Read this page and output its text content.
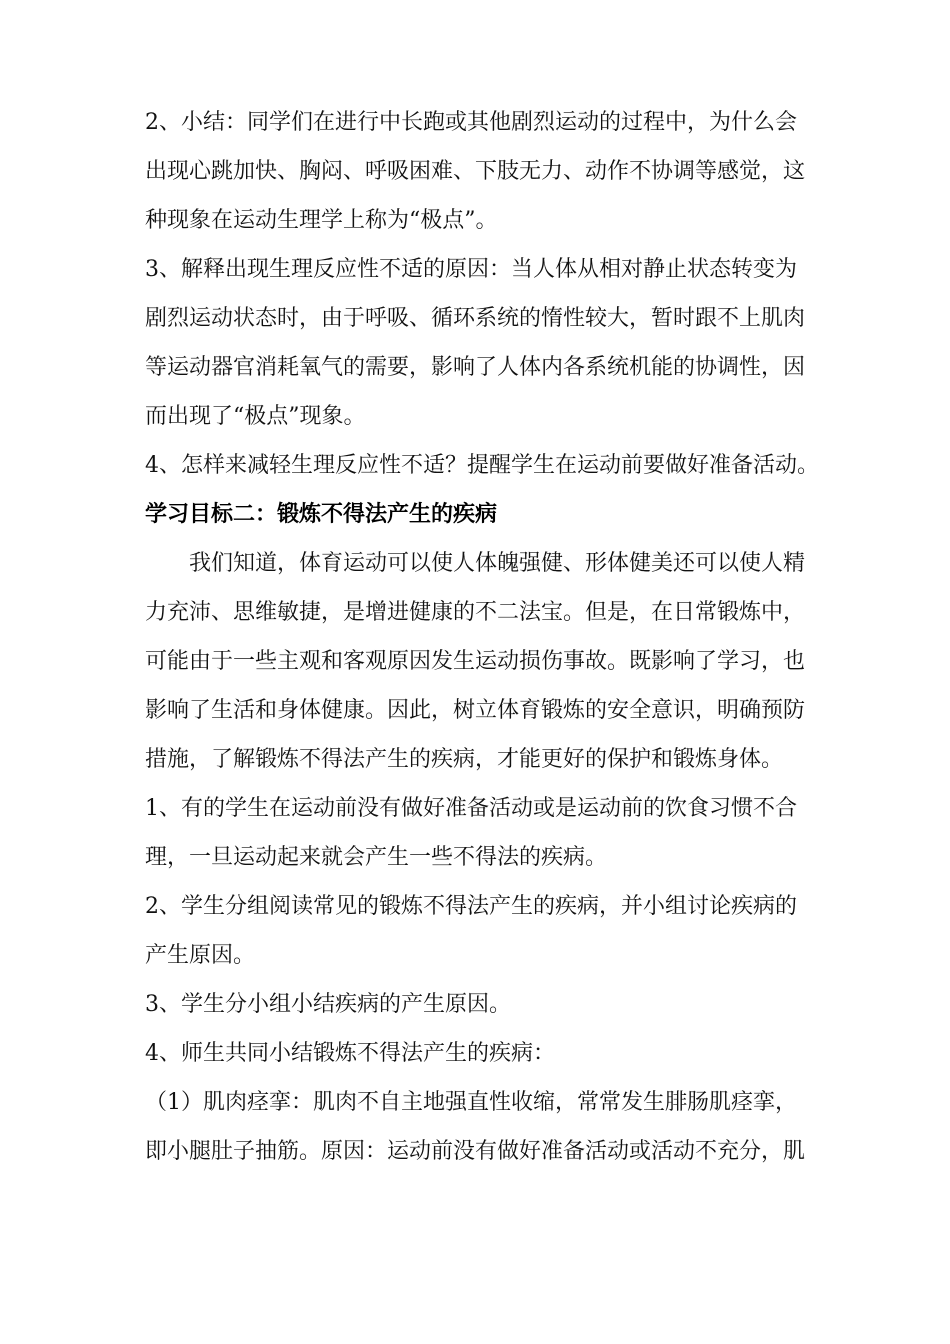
2、小结：同学们在进行中长跑或其他剧烈运动的过程中，为什么会
出现心跳加快、胸闷、呼吸困难、下肢无力、动作不协调等感觉，这
种现象在运动生理学上称为“极点”。
3、解释出现生理反应性不适的原因：当人体从相对静止状态转变为
剧烈运动状态时，由于呼吸、循环系统的惰性较大，暂时跟不上肌肉
等运动器官消耗氧气的需要，影响了人体内各系统机能的协调性，因
而出现了“极点”现象。
4、怎样来减轻生理反应性不适？提醒学生在运动前要做好准备活动。
学习目标二：锻炼不得法产生的疾病
　　我们知道，体育运动可以使人体魄强健、形体健美还可以使人精
力充沛、思维敏捷，是增进健康的不二法宝。但是，在日常锻炼中，
可能由于一些主观和客观原因发生运动损伤事故。既影响了学习，也
影响了生活和身体健康。因此，树立体育锻炼的安全意识，明确预防
措施，了解锻炼不得法产生的疾病，才能更好的保护和锻炼身体。
1、有的学生在运动前没有做好准备活动或是运动前的饮食习惯不合
理，一旦运动起来就会产生一些不得法的疾病。
2、学生分组阅读常见的锻炼不得法产生的疾病，并小组讨论疾病的
产生原因。
3、学生分小组小结疾病的产生原因。
4、师生共同小结锻炼不得法产生的疾病：
（1）肌肉痉挛：肌肉不自主地强直性收缩，常常发生腓肠肌痉挛，
即小腿肚子抽筋。原因：运动前没有做好准备活动或活动不充分，肌
